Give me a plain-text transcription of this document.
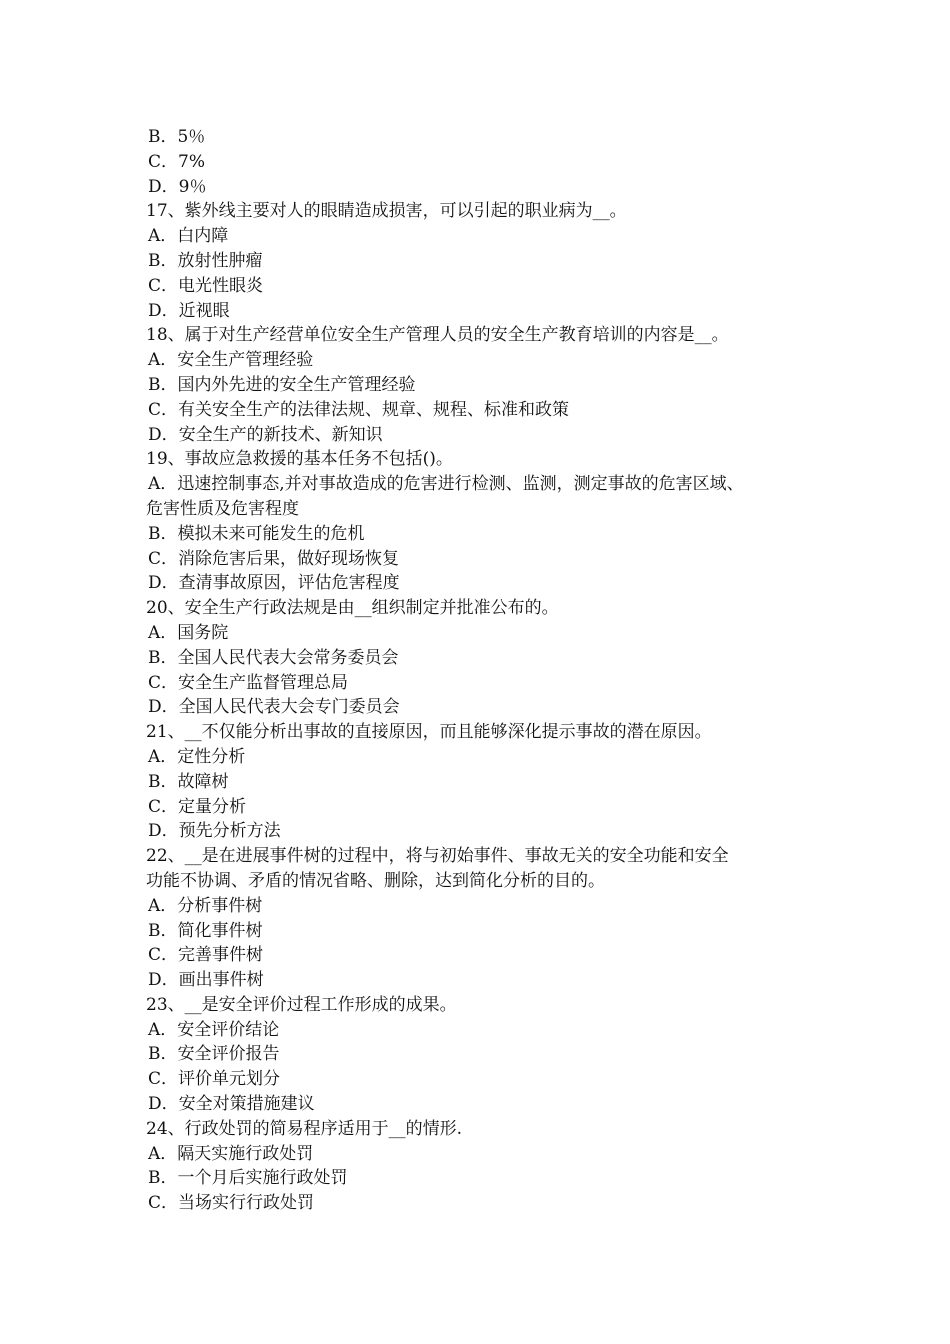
B．5％
C．7%
D．9％
17、紫外线主要对人的眼睛造成损害，可以引起的职业病为__。
A．白内障
B．放射性肿瘤
C．电光性眼炎
D．近视眼
18、属于对生产经营单位安全生产管理人员的安全生产教育培训的内容是__。
A．安全生产管理经验
B．国内外先进的安全生产管理经验
C．有关安全生产的法律法规、规章、规程、标准和政策
D．安全生产的新技术、新知识
19、事故应急救援的基本任务不包括()。
A．迅速控制事态,并对事故造成的危害进行检测、监测，测定事故的危害区域、
危害性质及危害程度
B．模拟未来可能发生的危机
C．消除危害后果，做好现场恢复
D．查清事故原因，评估危害程度
20、安全生产行政法规是由__组织制定并批准公布的。
A．国务院
B．全国人民代表大会常务委员会
C．安全生产监督管理总局
D．全国人民代表大会专门委员会
21、__不仅能分析出事故的直接原因，而且能够深化提示事故的潜在原因。
A．定性分析
B．故障树
C．定量分析
D．预先分析方法
22、__是在进展事件树的过程中，将与初始事件、事故无关的安全功能和安全
功能不协调、矛盾的情况省略、删除，达到简化分析的目的。
A．分析事件树
B．简化事件树
C．完善事件树
D．画出事件树
23、__是安全评价过程工作形成的成果。
A．安全评价结论
B．安全评价报告
C．评价单元划分
D．安全对策措施建议
24、行政处罚的简易程序适用于__的情形.
A．隔天实施行政处罚
B．一个月后实施行政处罚
C．当场实行行政处罚
